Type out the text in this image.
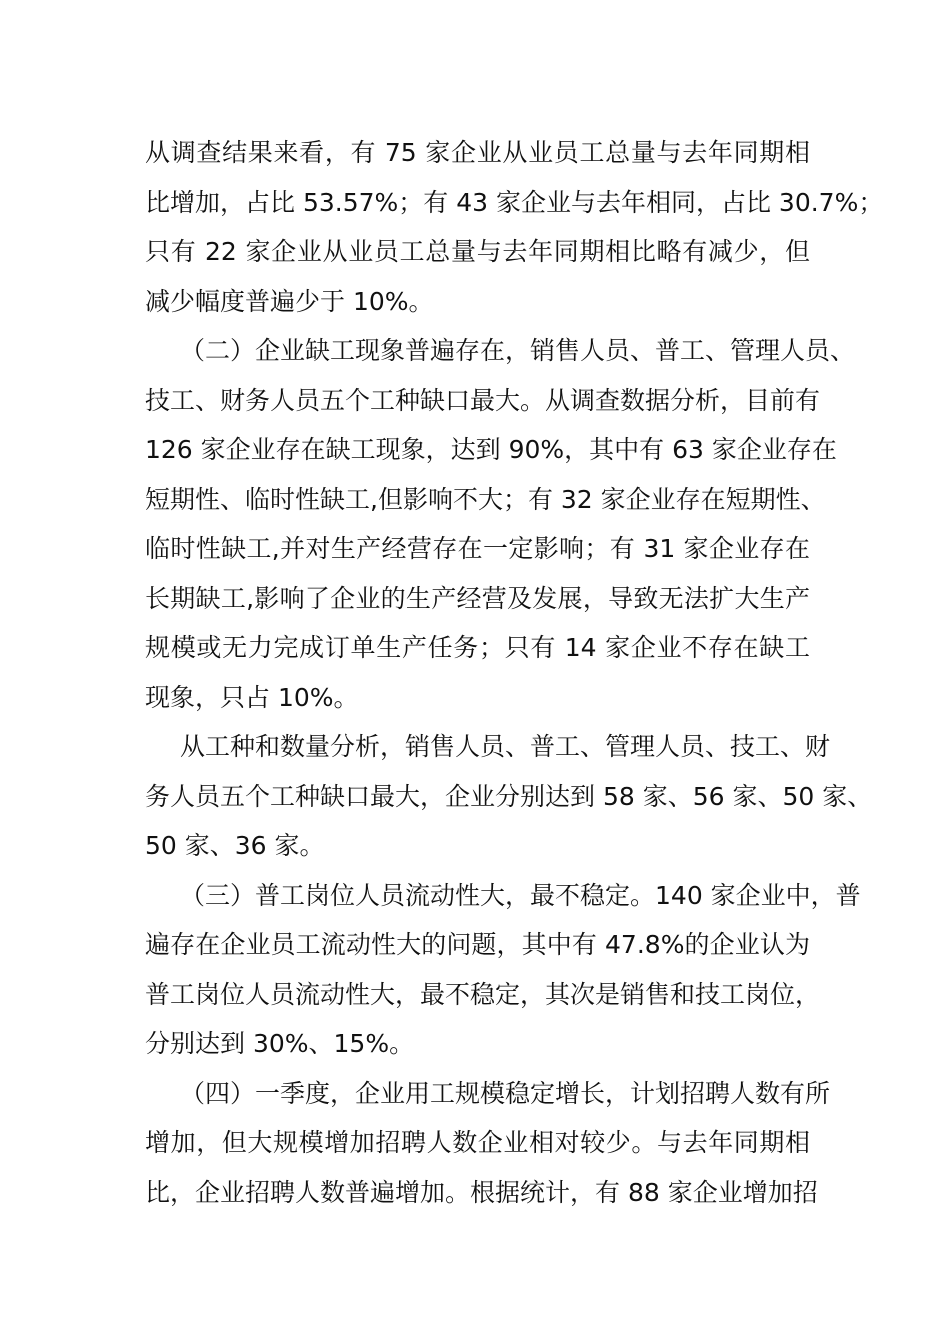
从调查结果来看，有 75 家企业从业员工总量与去年同期相
比增加，占比 53.57%；有 43 家企业与去年相同，占比 30.7%；
只有 22 家企业从业员工总量与去年同期相比略有减少，但
减少幅度普遍少于 10%。
（二）企业缺工现象普遍存在，销售人员、普工、管理人员、
技工、财务人员五个工种缺口最大。从调查数据分析，目前有
126 家企业存在缺工现象，达到 90%，其中有 63 家企业存在
短期性、临时性缺工,但影响不大；有 32 家企业存在短期性、
临时性缺工,并对生产经营存在一定影响；有 31 家企业存在
长期缺工,影响了企业的生产经营及发展，导致无法扩大生产
规模或无力完成订单生产任务；只有 14 家企业不存在缺工
现象，只占 10%。
从工种和数量分析，销售人员、普工、管理人员、技工、财
务人员五个工种缺口最大，企业分别达到 58 家、56 家、50 家、
50 家、36 家。
（三）普工岗位人员流动性大，最不稳定。140 家企业中，普
遍存在企业员工流动性大的问题，其中有 47.8%的企业认为
普工岗位人员流动性大，最不稳定，其次是销售和技工岗位，
分别达到 30%、15%。
（四）一季度，企业用工规模稳定增长，计划招聘人数有所
增加，但大规模增加招聘人数企业相对较少。与去年同期相
比，企业招聘人数普遍增加。根据统计，有 88 家企业增加招
